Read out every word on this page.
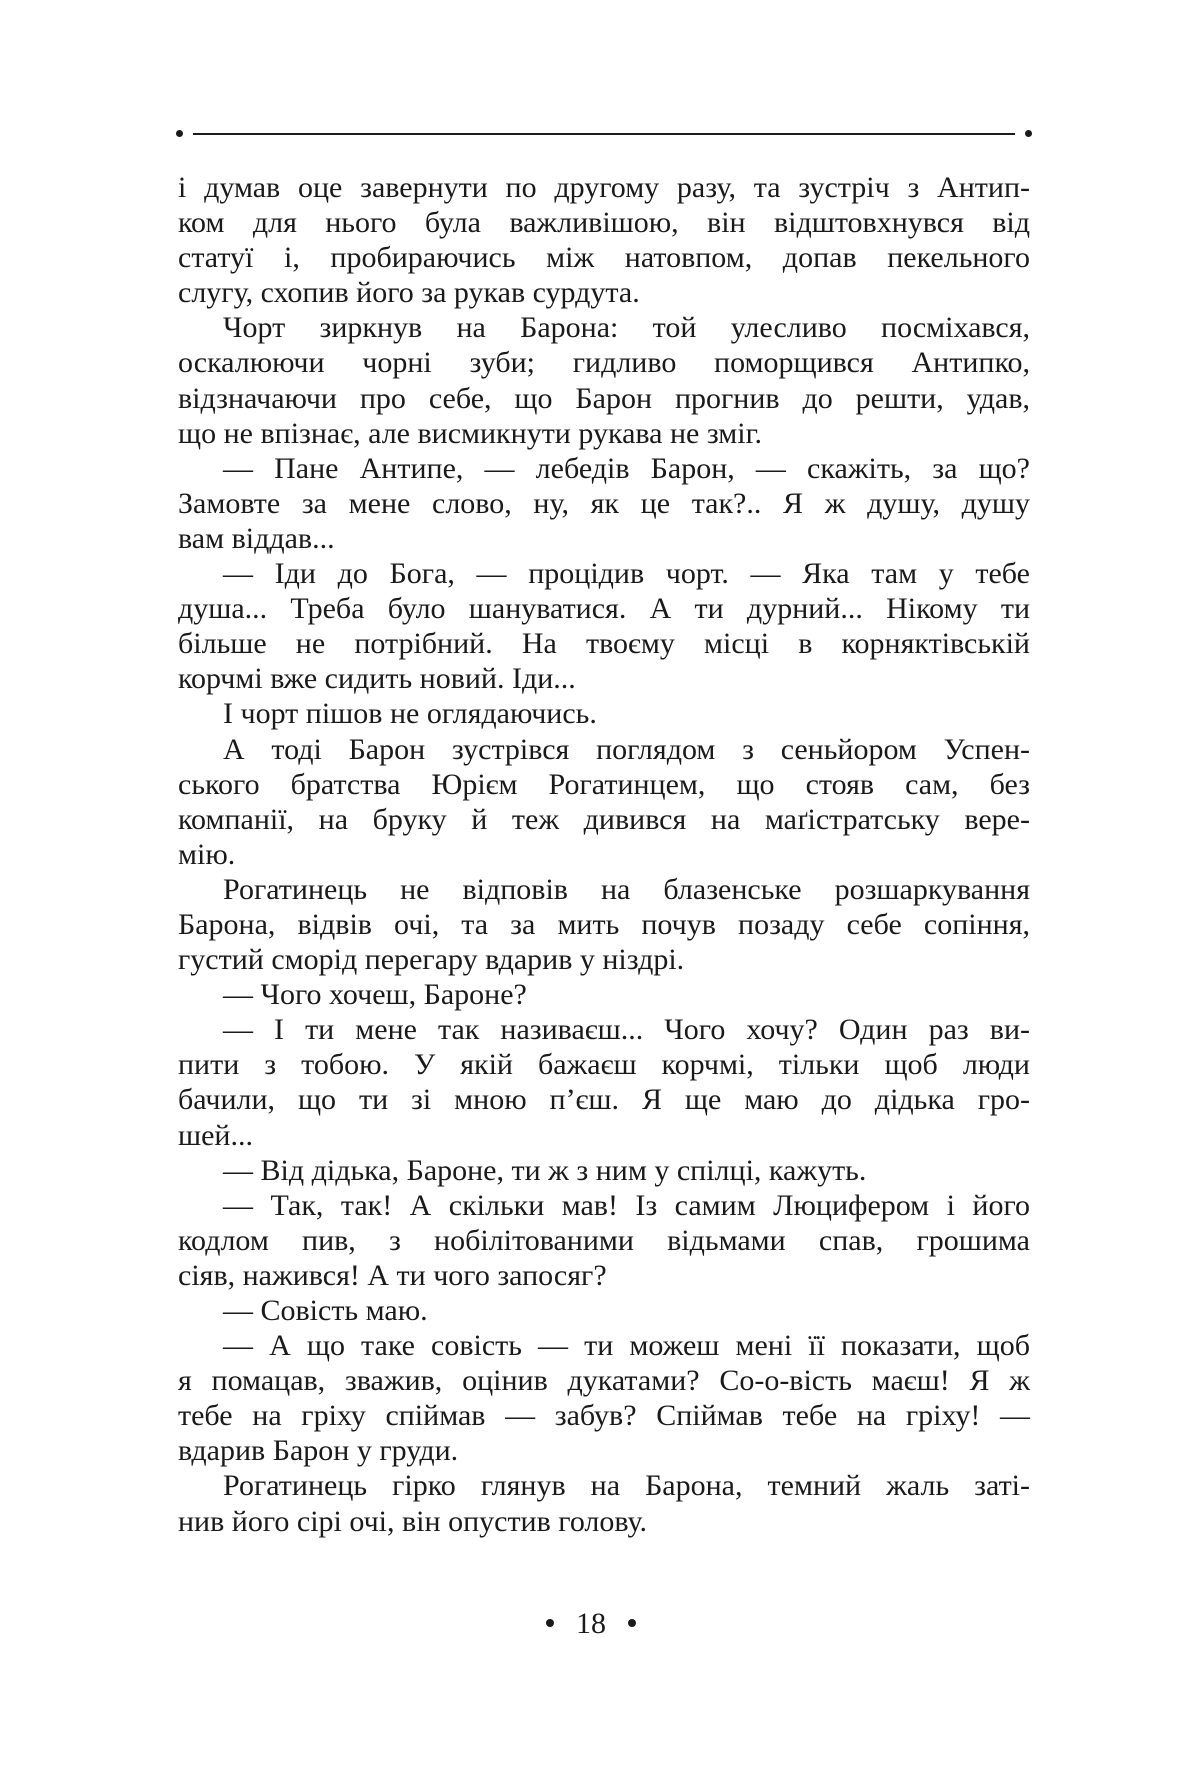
і думав оце завернути по другому разу, та зустріч з Антип-
ком для нього була важливішою, він відштовхнувся від
статуї і, пробираючись між натовпом, допав пекельного
слугу, схопив його за рукав сурдута.
Чорт зиркнув на Барона: той улесливо посміхався,
оскалюючи чорні зуби; гидливо поморщився Антипко,
відзначаючи про себе, що Барон прогнив до решти, удав,
що не впізнає, але висмикнути рукава не зміг.
— Пане Антипе, — лебедів Барон, — скажіть, за що?
Замовте за мене слово, ну, як це так?.. Я ж душу, душу
вам віддав...
— Іди до Бога, — процідив чорт. — Яка там у тебе
душа... Треба було шануватися. А ти дурний... Нікому ти
більше не потрібний. На твоєму місці в корняктівській
корчмі вже сидить новий. Іди...
І чорт пішов не оглядаючись.
А тоді Барон зустрівся поглядом з сеньйором Успен-
ського братства Юрієм Рогатинцем, що стояв сам, без
компанії, на бруку й теж дивився на маґістратську вере-
мію.
Рогатинець не відповів на блазенське розшаркування
Барона, відвів очі, та за мить почув позаду себе сопіння,
густий сморід перегару вдарив у ніздрі.
— Чого хочеш, Бароне?
— І ти мене так називаєш... Чого хочу? Один раз ви-
пити з тобою. У якій бажаєш корчмі, тільки щоб люди
бачили, що ти зі мною п’єш. Я ще маю до дідька гро-
шей...
— Від дідька, Бароне, ти ж з ним у спілці, кажуть.
— Так, так! А скільки мав! Із самим Люцифером і його
кодлом пив, з нобілітованими відьмами спав, грошима
сіяв, нажився! А ти чого запосяг?
— Совість маю.
— А що таке совість — ти можеш мені її показати, щоб
я помацав, зважив, оцінив дукатами? Со-о-вість маєш! Я ж
тебе на гріху спіймав — забув? Спіймав тебе на гріху! —
вдарив Барон у груди.
Рогатинець гірко глянув на Барона, темний жаль заті-
нив його сірі очі, він опустив голову.
18
